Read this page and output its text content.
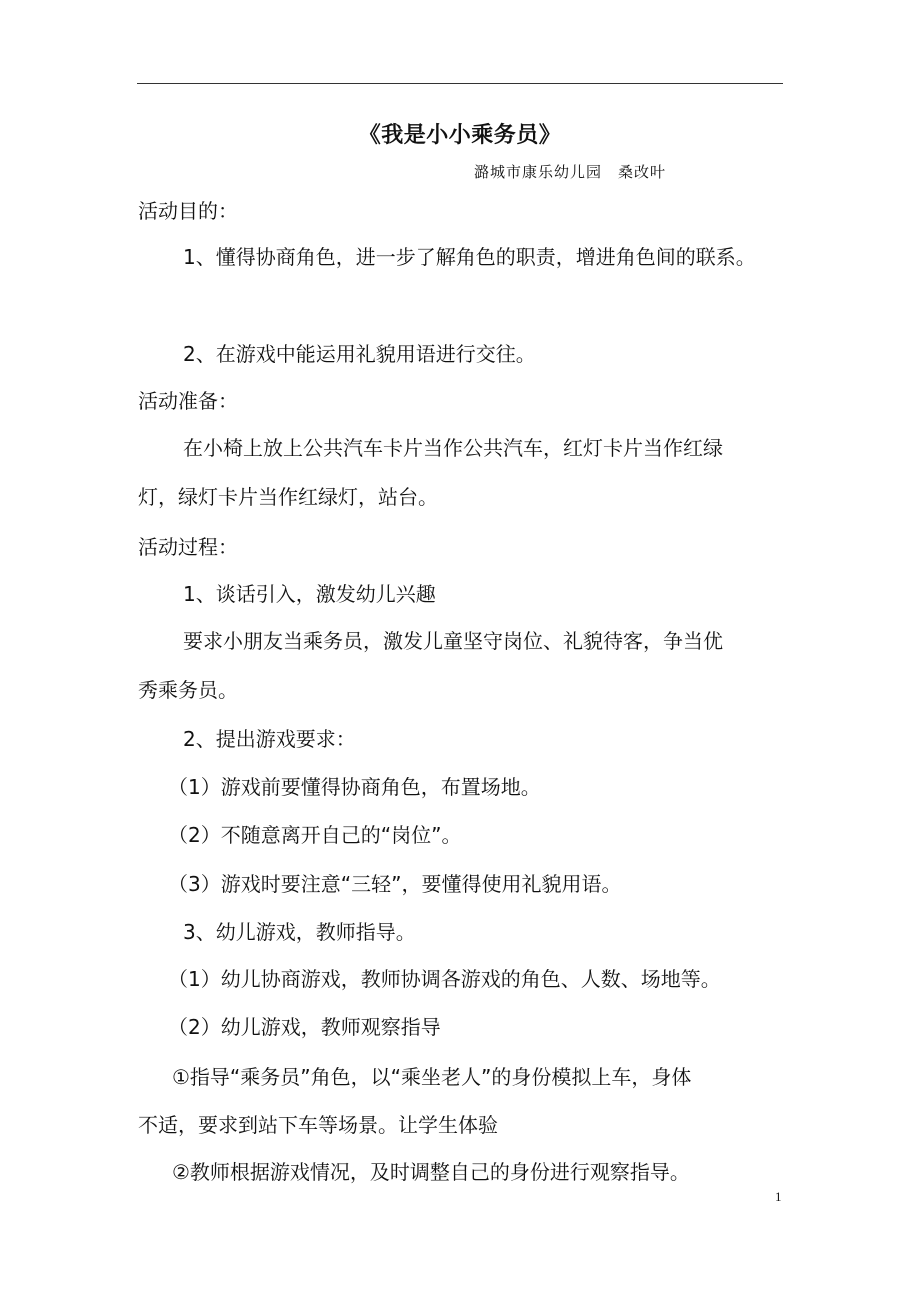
《我是小小乘务员》
潞城市康乐幼儿园　桑改叶
活动目的：
1、懂得协商角色，进一步了解角色的职责，增进角色间的联系。
2、在游戏中能运用礼貌用语进行交往。
活动准备：
在小椅上放上公共汽车卡片当作公共汽车，红灯卡片当作红绿
灯，绿灯卡片当作红绿灯，站台。
活动过程：
1、谈话引入，激发幼儿兴趣
要求小朋友当乘务员，激发儿童坚守岗位、礼貌待客，争当优
秀乘务员。
2、提出游戏要求：
（1）游戏前要懂得协商角色，布置场地。
（2）不随意离开自己的“岗位”。
（3）游戏时要注意“三轻”，要懂得使用礼貌用语。
3、幼儿游戏，教师指导。
（1）幼儿协商游戏，教师协调各游戏的角色、人数、场地等。
（2）幼儿游戏，教师观察指导
①指导“乘务员”角色，以“乘坐老人”的身份模拟上车，身体
不适，要求到站下车等场景。让学生体验
②教师根据游戏情况，及时调整自己的身份进行观察指导。
1
